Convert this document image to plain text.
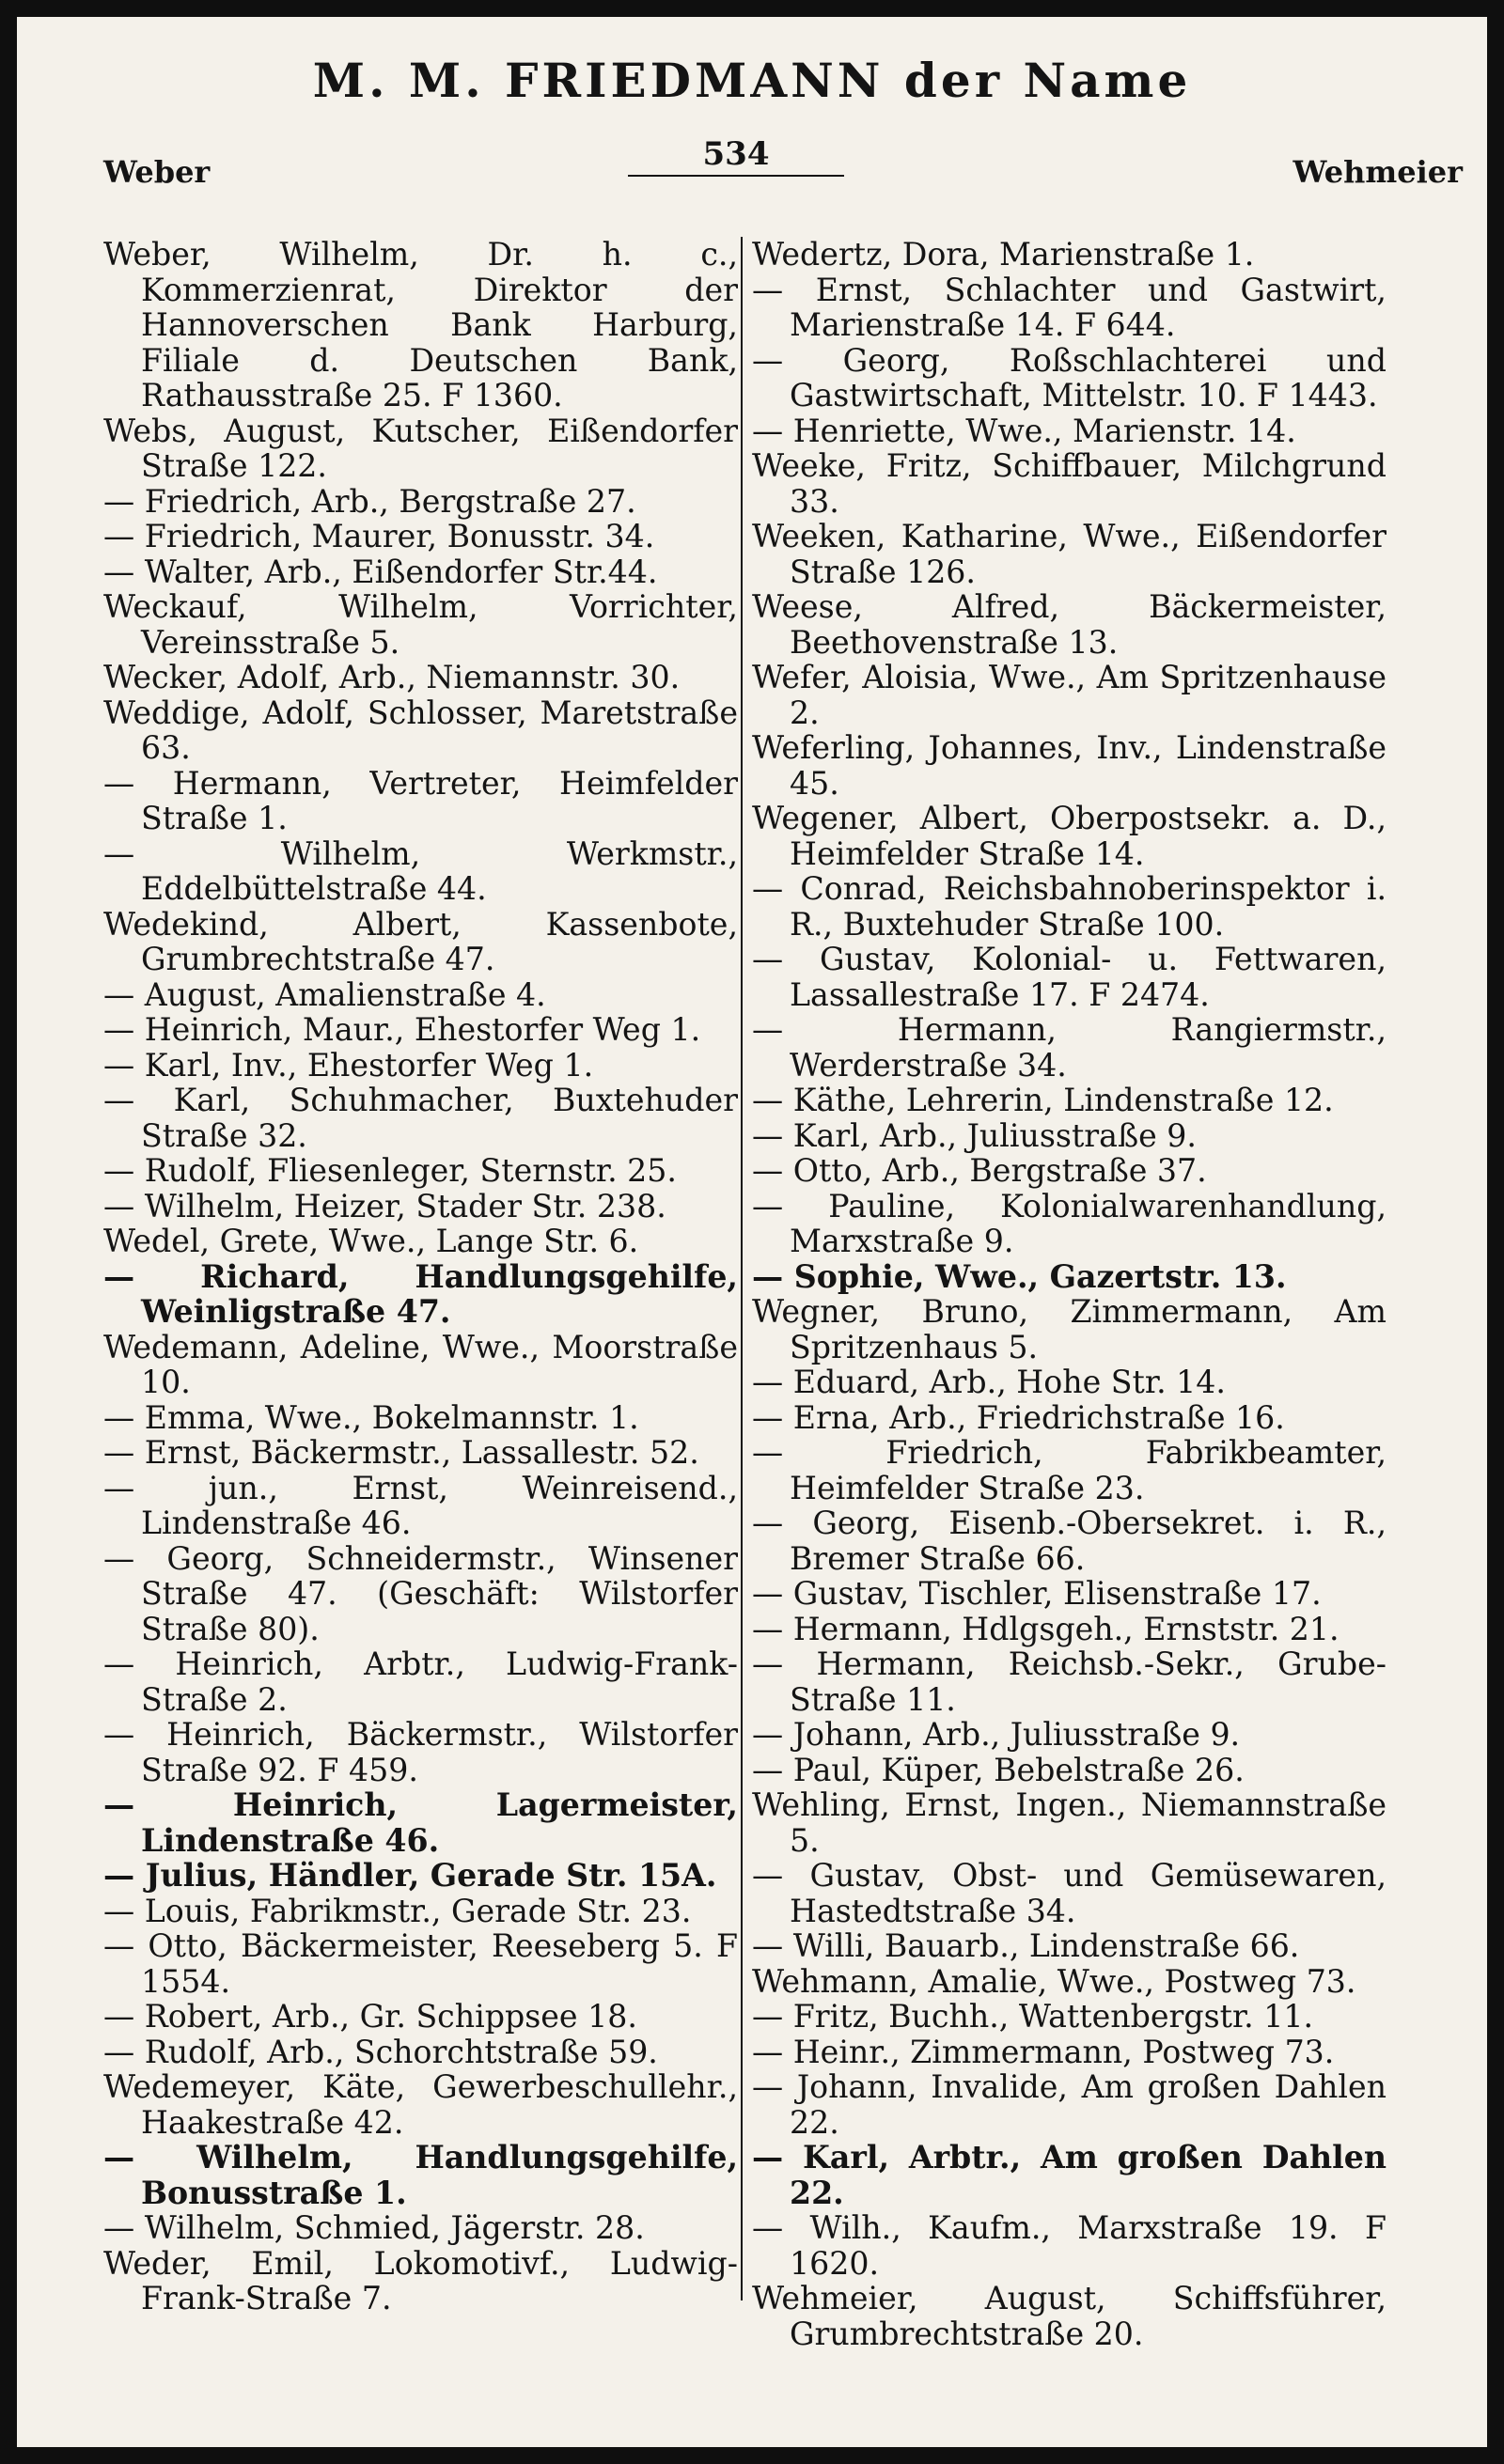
M. M. FRIEDMANN der Name
Weber	534	Wehmeier
Weber, Wilhelm, Dr. h. c., Kommerzienrat, Direktor der Hannoverschen Bank Harburg, Filiale d. Deutschen Bank, Rathausstraße 25. F 1360.
Webs, August, Kutscher, Eißendorfer Straße 122.
— Friedrich, Arb., Bergstraße 27.
— Friedrich, Maurer, Bonusstr. 34.
— Walter, Arb., Eißendorfer Str.44.
Weckauf, Wilhelm, Vorrichter, Vereinsstraße 5.
Wecker, Adolf, Arb., Niemannstr. 30.
Weddige, Adolf, Schlosser, Maretstraße 63.
— Hermann, Vertreter, Heimfelder Straße 1.
— Wilhelm, Werkmstr., Eddelbüttelstraße 44.
Wedekind, Albert, Kassenbote, Grumbrechtstraße 47.
— August, Amalienstraße 4.
— Heinrich, Maur., Ehestorfer Weg 1.
— Karl, Inv., Ehestorfer Weg 1.
— Karl, Schuhmacher, Buxtehuder Straße 32.
— Rudolf, Fliesenleger, Sternstr. 25.
— Wilhelm, Heizer, Stader Str. 238.
Wedel, Grete, Wwe., Lange Str. 6.
— Richard, Handlungsgehilfe, Weinligstraße 47.
Wedemann, Adeline, Wwe., Moorstraße 10.
— Emma, Wwe., Bokelmannstr. 1.
— Ernst, Bäckermstr., Lassallestr. 52.
— jun., Ernst, Weinreisend., Lindenstraße 46.
— Georg, Schneidermstr., Winsener Straße 47. (Geschäft: Wilstorfer Straße 80).
— Heinrich, Arbtr., Ludwig-Frank-Straße 2.
— Heinrich, Bäckermstr., Wilstorfer Straße 92. F 459.
— Heinrich, Lagermeister, Lindenstraße 46.
— Julius, Händler, Gerade Str. 15A.
— Louis, Fabrikmstr., Gerade Str. 23.
— Otto, Bäckermeister, Reeseberg 5. F 1554.
— Robert, Arb., Gr. Schippsee 18.
— Rudolf, Arb., Schorchtstraße 59.
Wedemeyer, Käte, Gewerbeschullehr., Haakestraße 42.
— Wilhelm, Handlungsgehilfe, Bonusstraße 1.
— Wilhelm, Schmied, Jägerstr. 28.
Weder, Emil, Lokomotivf., Ludwig-Frank-Straße 7.
Wedertz, Dora, Marienstraße 1.
— Ernst, Schlachter und Gastwirt, Marienstraße 14. F 644.
— Georg, Roßschlachterei und Gastwirtschaft, Mittelstr. 10. F 1443.
— Henriette, Wwe., Marienstr. 14.
Weeke, Fritz, Schiffbauer, Milchgrund 33.
Weeken, Katharine, Wwe., Eißendorfer Straße 126.
Weese, Alfred, Bäckermeister, Beethovenstraße 13.
Wefer, Aloisia, Wwe., Am Spritzenhause 2.
Weferling, Johannes, Inv., Lindenstraße 45.
Wegener, Albert, Oberpostsekr. a. D., Heimfelder Straße 14.
— Conrad, Reichsbahnoberinspektor i. R., Buxtehuder Straße 100.
— Gustav, Kolonial- u. Fettwaren, Lassallestraße 17. F 2474.
— Hermann, Rangiermstr., Werderstraße 34.
— Käthe, Lehrerin, Lindenstraße 12.
— Karl, Arb., Juliusstraße 9.
— Otto, Arb., Bergstraße 37.
— Pauline, Kolonialwarenhandlung, Marxstraße 9.
— Sophie, Wwe., Gazertstr. 13.
Wegner, Bruno, Zimmermann, Am Spritzenhaus 5.
— Eduard, Arb., Hohe Str. 14.
— Erna, Arb., Friedrichstraße 16.
— Friedrich, Fabrikbeamter, Heimfelder Straße 23.
— Georg, Eisenb.-Obersekret. i. R., Bremer Straße 66.
— Gustav, Tischler, Elisenstraße 17.
— Hermann, Hdlgsgeh., Ernststr. 21.
— Hermann, Reichsb.-Sekr., Grube-Straße 11.
— Johann, Arb., Juliusstraße 9.
— Paul, Küper, Bebelstraße 26.
Wehling, Ernst, Ingen., Niemannstraße 5.
— Gustav, Obst- und Gemüsewaren, Hastedtstraße 34.
— Willi, Bauarb., Lindenstraße 66.
Wehmann, Amalie, Wwe., Postweg 73.
— Fritz, Buchh., Wattenbergstr. 11.
— Heinr., Zimmermann, Postweg 73.
— Johann, Invalide, Am großen Dahlen 22.
— Karl, Arbtr., Am großen Dahlen 22.
— Wilh., Kaufm., Marxstraße 19. F 1620.
Wehmeier, August, Schiffsführer, Grumbrechtstraße 20.
